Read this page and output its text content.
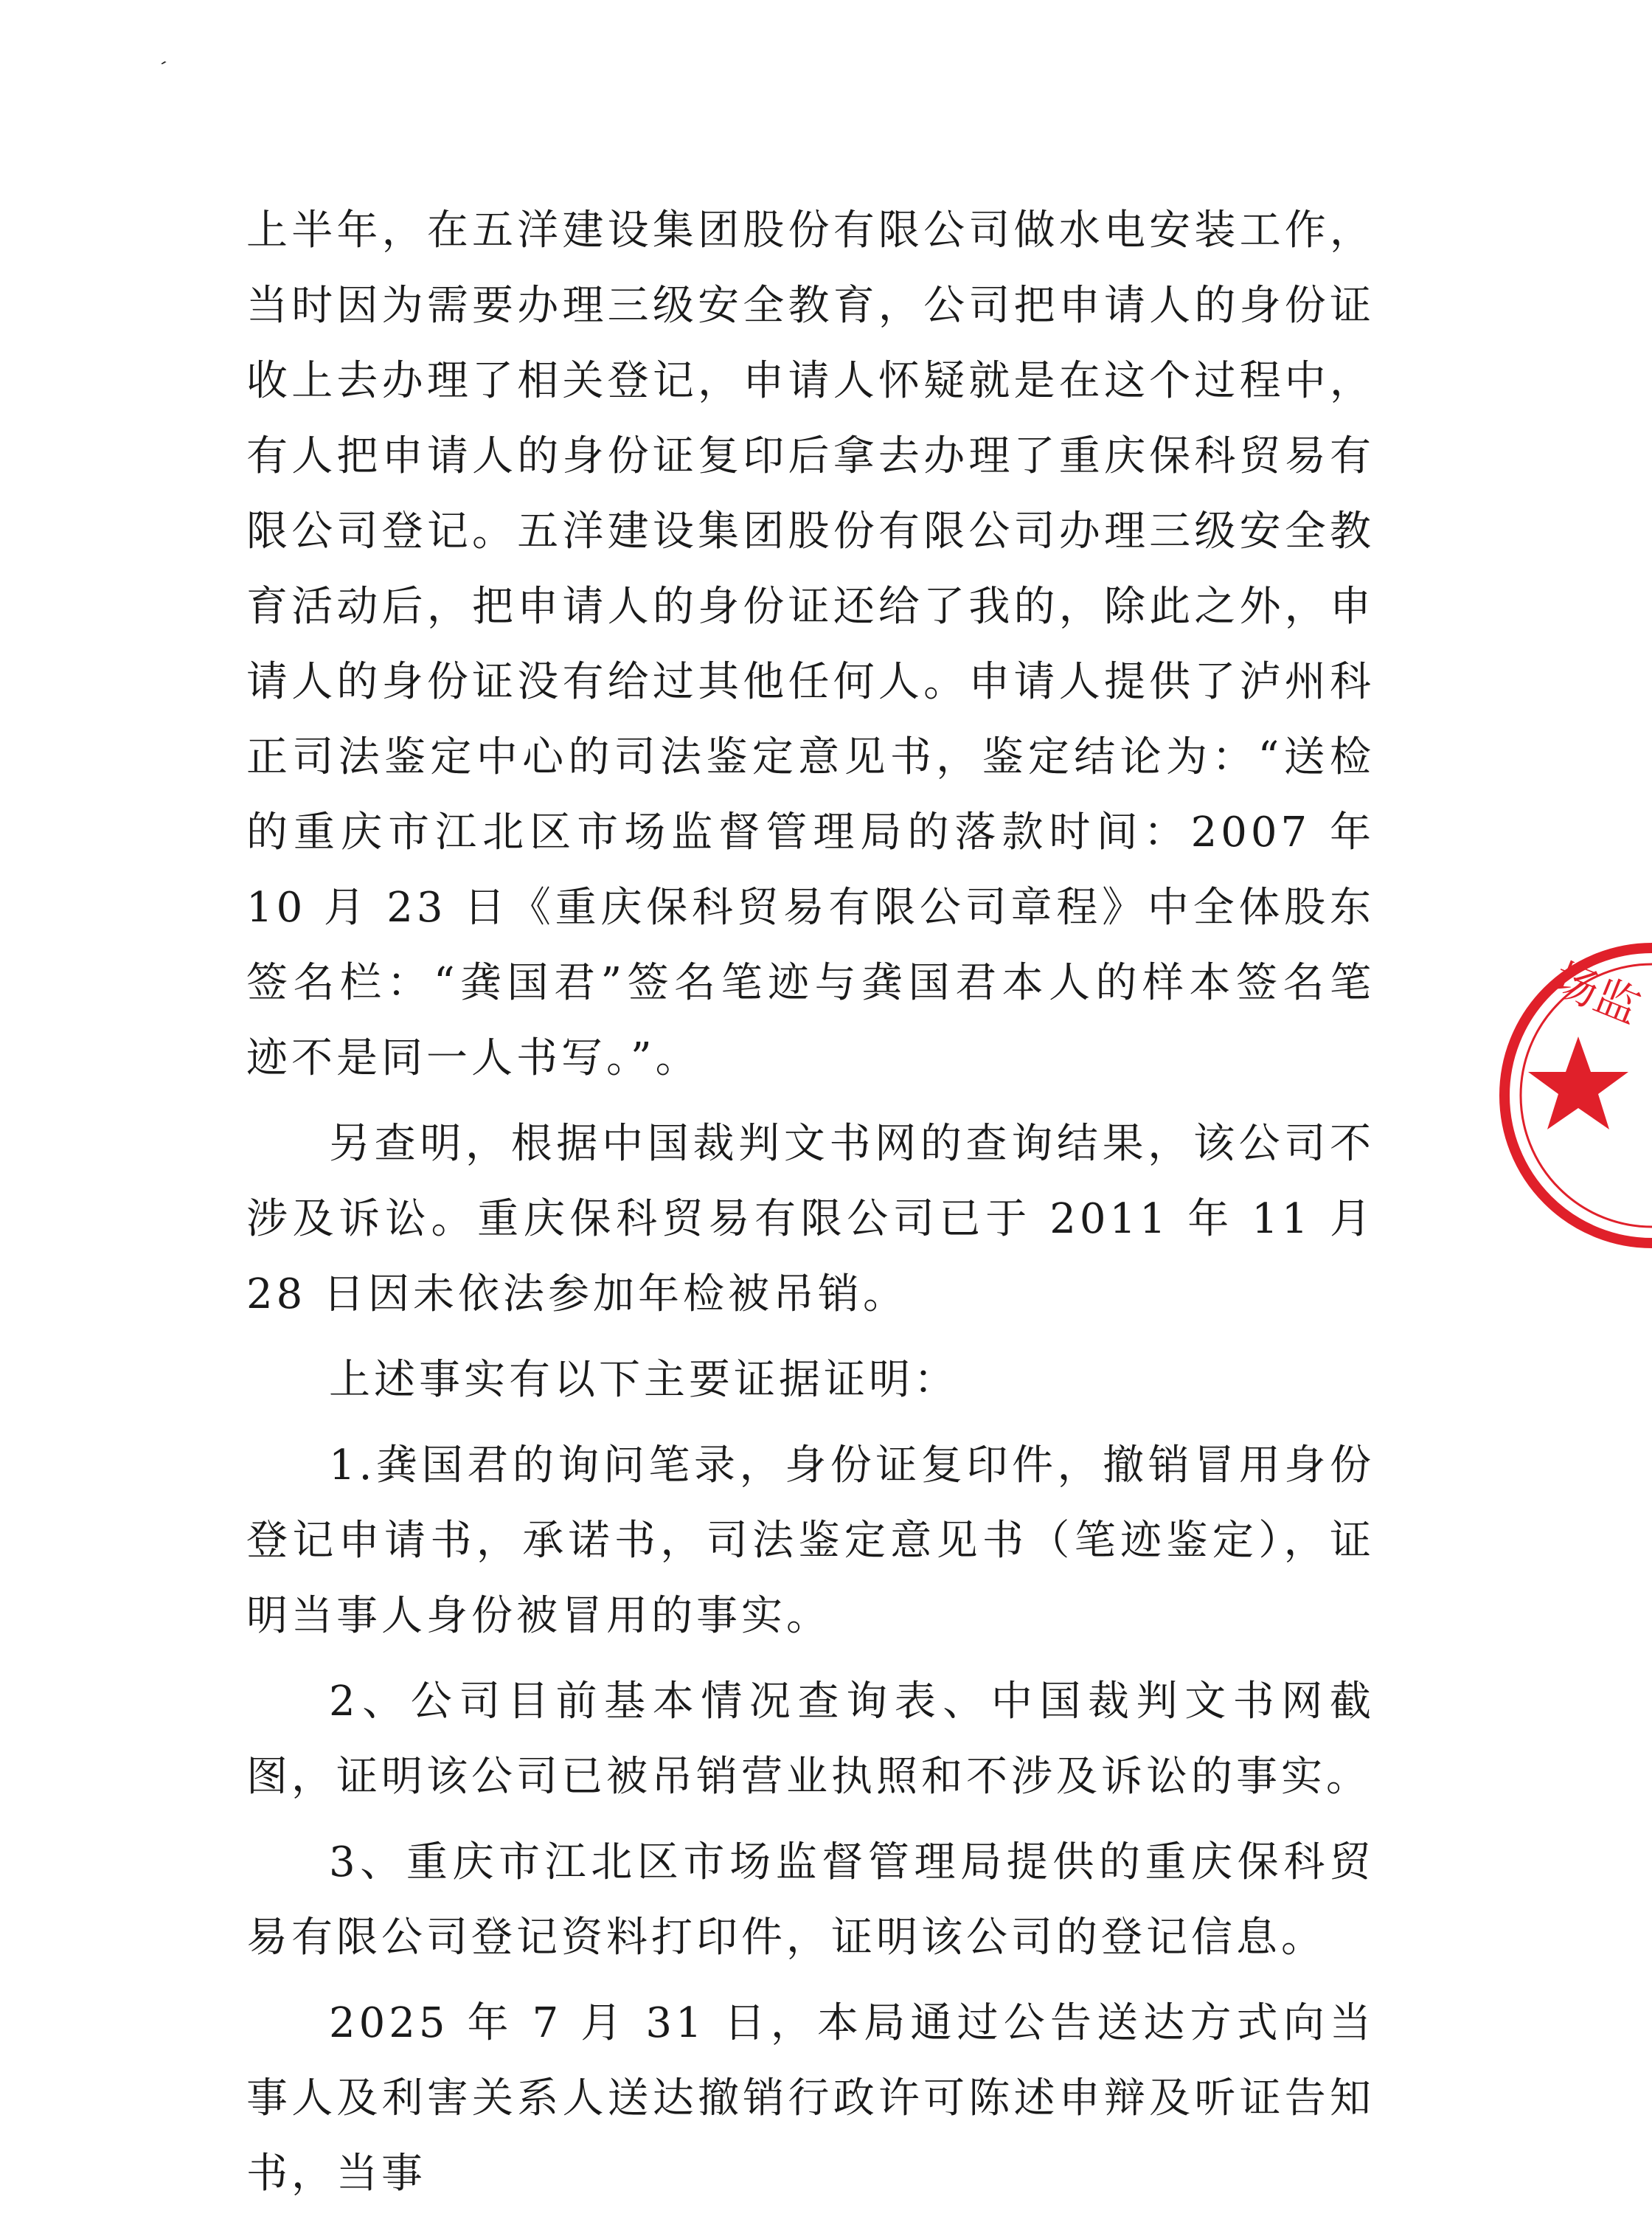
ˊ

上半年，在五洋建设集团股份有限公司做水电安装工作，当时因为需要办理三级安全教育，公司把申请人的身份证收上去办理了相关登记，申请人怀疑就是在这个过程中，有人把申请人的身份证复印后拿去办理了重庆保科贸易有限公司登记。五洋建设集团股份有限公司办理三级安全教育活动后，把申请人的身份证还给了我的，除此之外，申请人的身份证没有给过其他任何人。申请人提供了泸州科正司法鉴定中心的司法鉴定意见书，鉴定结论为：“送检的重庆市江北区市场监督管理局的落款时间：2007 年 10 月 23 日《重庆保科贸易有限公司章程》中全体股东签名栏：“龚国君”签名笔迹与龚国君本人的样本签名笔迹不是同一人书写。”。

另查明，根据中国裁判文书网的查询结果，该公司不涉及诉讼。重庆保科贸易有限公司已于 2011 年 11 月 28 日因未依法参加年检被吊销。

上述事实有以下主要证据证明：

1.龚国君的询问笔录，身份证复印件，撤销冒用身份登记申请书，承诺书，司法鉴定意见书（笔迹鉴定），证明当事人身份被冒用的事实。

2、公司目前基本情况查询表、中国裁判文书网截图，证明该公司已被吊销营业执照和不涉及诉讼的事实。

3、重庆市江北区市场监督管理局提供的重庆保科贸易有限公司登记资料打印件，证明该公司的登记信息。

2025 年 7 月 31 日，本局通过公告送达方式向当事人及利害关系人送达撤销行政许可陈述申辩及听证告知书，当事

场监
